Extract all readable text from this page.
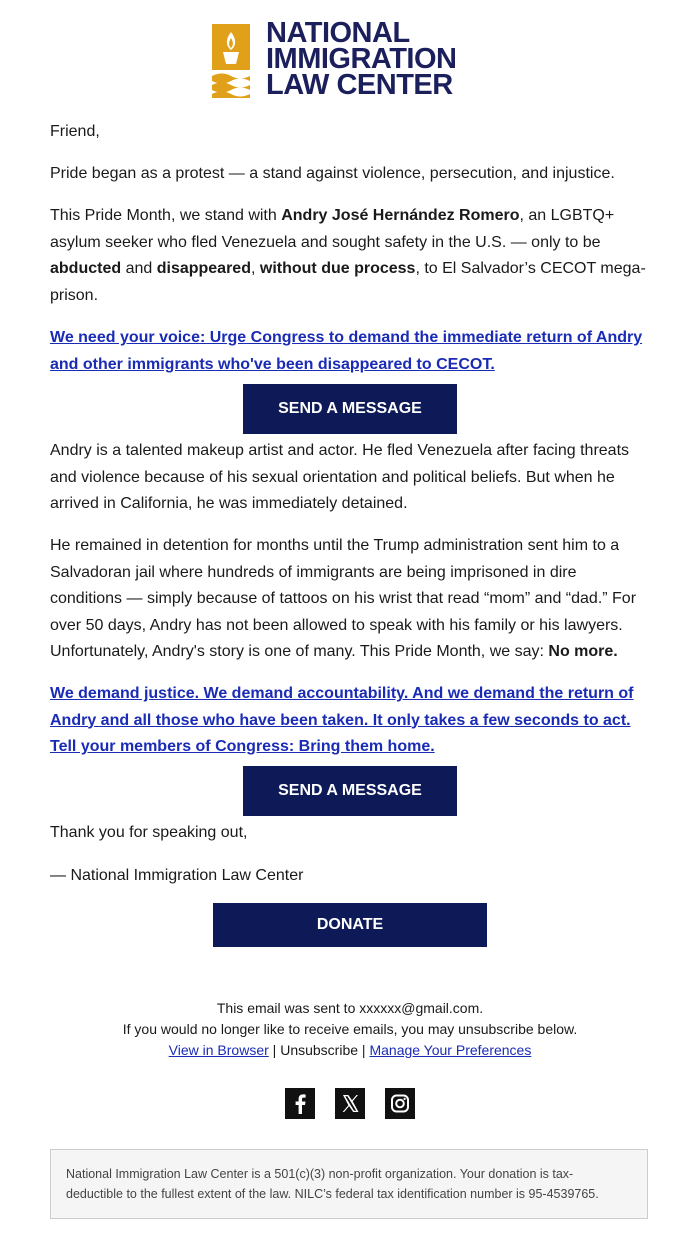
NATIONAL
IMMIGRATION
LAW CENTER

Friend,

Pride began as a protest — a stand against violence, persecution, and injustice.

This Pride Month, we stand with Andry José Hernández Romero, an LGBTQ+ asylum seeker who fled Venezuela and sought safety in the U.S. — only to be abducted and disappeared, without due process, to El Salvador’s CECOT mega-prison.

We need your voice: Urge Congress to demand the immediate return of Andry and other immigrants who've been disappeared to CECOT.
SEND A MESSAGE

Andry is a talented makeup artist and actor. He fled Venezuela after facing threats and violence because of his sexual orientation and political beliefs. But when he arrived in California, he was immediately detained.

He remained in detention for months until the Trump administration sent him to a Salvadoran jail where hundreds of immigrants are being imprisoned in dire conditions — simply because of tattoos on his wrist that read “mom” and “dad.” For over 50 days, Andry has not been allowed to speak with his family or his lawyers. Unfortunately, Andry's story is one of many. This Pride Month, we say: No more.

We demand justice. We demand accountability. And we demand the return of Andry and all those who have been taken. It only takes a few seconds to act. Tell your members of Congress: Bring them home.
SEND A MESSAGE

Thank you for speaking out,

— National Immigration Law Center

DONATE
This email was sent to xxxxxx@gmail.com.
If you would no longer like to receive emails, you may unsubscribe below.
View in Browser | Unsubscribe | Manage Your Preferences

National Immigration Law Center is a 501(c)(3) non-profit organization. Your donation is tax-deductible to the fullest extent of the law. NILC’s federal tax identification number is 95-4539765.
